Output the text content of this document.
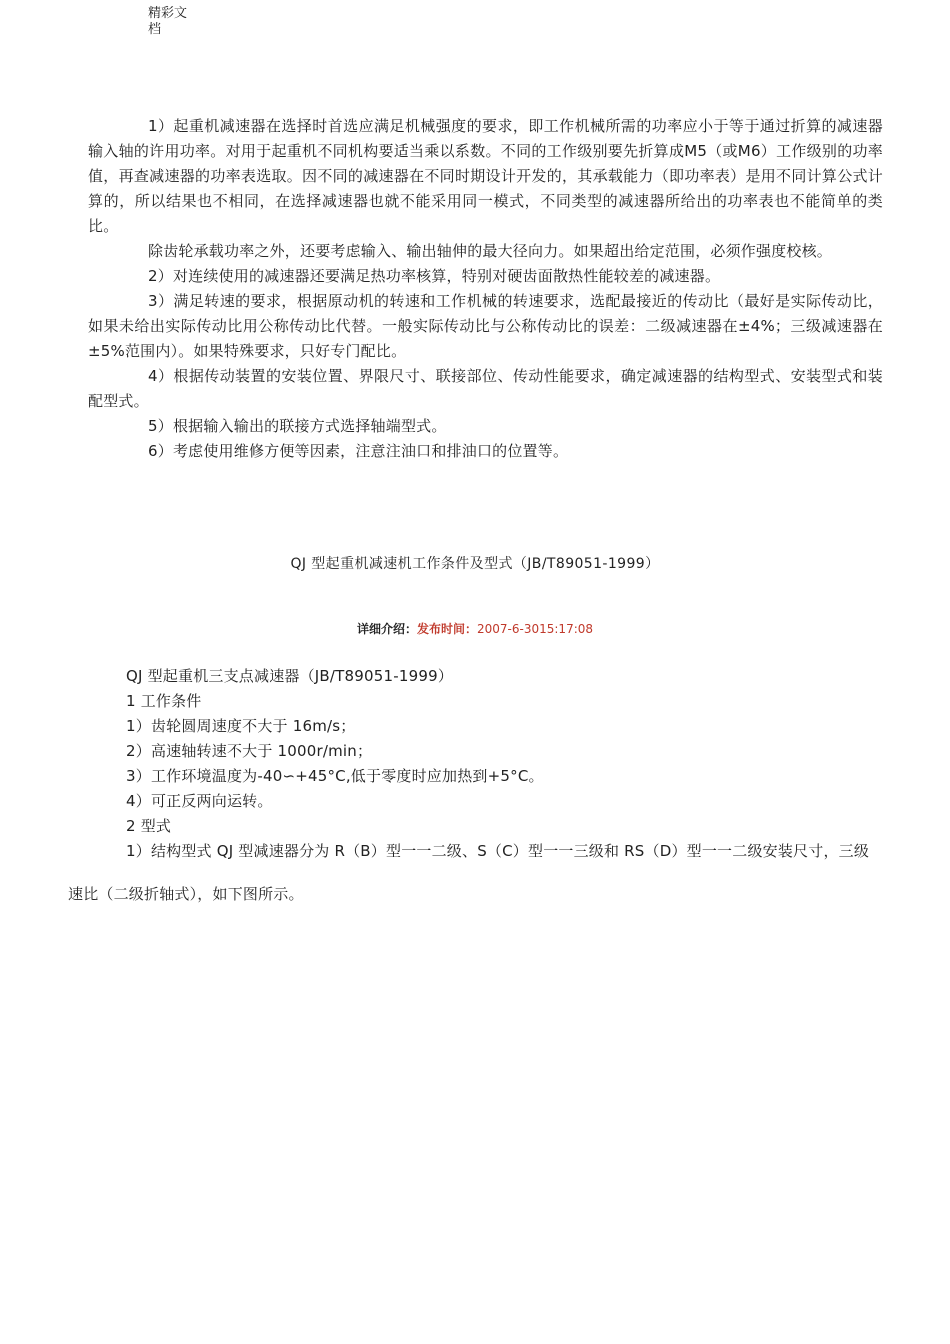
精彩文
档

1）起重机减速器在选择时首选应满足机械强度的要求，即工作机械所需的功率应小于等于通过折算的减速器输入轴的许用功率。对用于起重机不同机构要适当乘以系数。不同的工作级别要先折算成M5（或M6）工作级别的功率值，再查减速器的功率表选取。因不同的减速器在不同时期设计开发的，其承载能力（即功率表）是用不同计算公式计算的，所以结果也不相同，在选择减速器也就不能采用同一模式，不同类型的减速器所给出的功率表也不能简单的类比。

除齿轮承载功率之外，还要考虑输入、输出轴伸的最大径向力。如果超出给定范围，必须作强度校核。

2）对连续使用的减速器还要满足热功率核算，特别对硬齿面散热性能较差的减速器。

3）满足转速的要求，根据原动机的转速和工作机械的转速要求，选配最接近的传动比（最好是实际传动比，如果未给出实际传动比用公称传动比代替。一般实际传动比与公称传动比的误差：二级减速器在±4%；三级减速器在±5%范围内）。如果特殊要求，只好专门配比。

4）根据传动装置的安装位置、界限尺寸、联接部位、传动性能要求，确定减速器的结构型式、安装型式和装配型式。

5）根据输入输出的联接方式选择轴端型式。

6）考虑使用维修方便等因素，注意注油口和排油口的位置等。

QJ 型起重机减速机工作条件及型式（JB/T89051-1999）
详细介绍：发布时间：2007-6-3015:17:08

QJ 型起重机三支点减速器（JB/T89051-1999）

1 工作条件

1）齿轮圆周速度不大于 16m/s；

2）高速轴转速不大于 1000r/min；

3）工作环境温度为-40∽+45°C,低于零度时应加热到+5°C。

4）可正反两向运转。

2 型式

1）结构型式 QJ 型减速器分为 R（B）型一一二级、S（C）型一一三级和 RS（D）型一一二级安装尺寸，三级

速比（二级折轴式），如下图所示。
